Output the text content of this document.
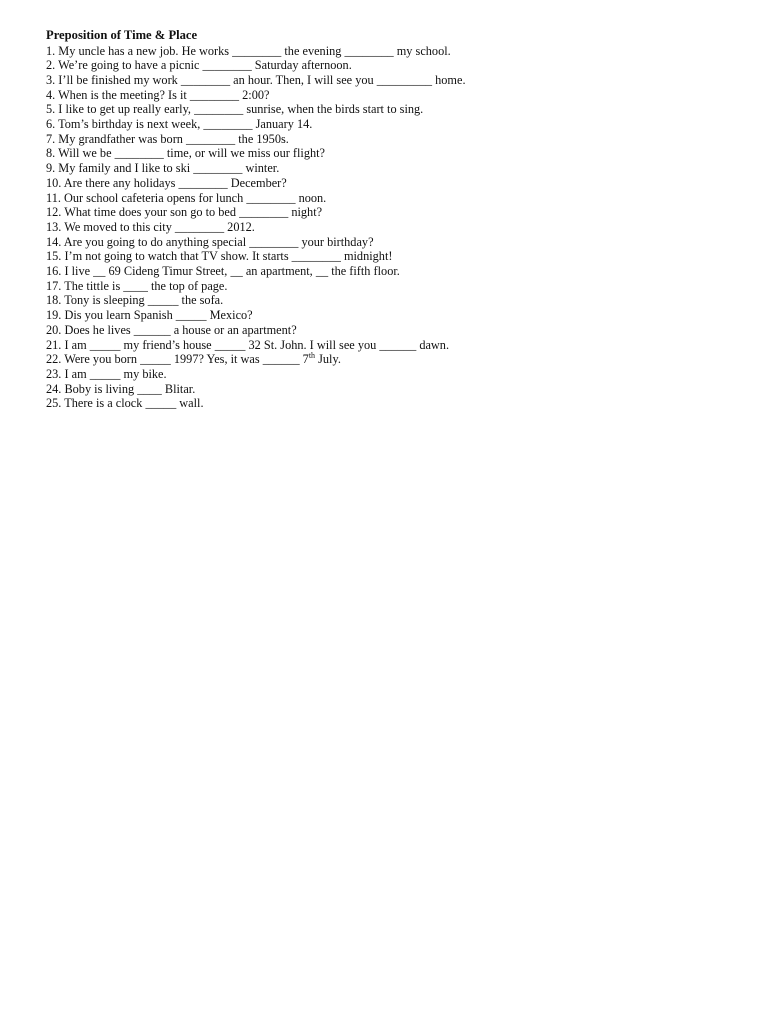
Preposition of Time & Place
1. My uncle has a new job. He works ________ the evening ________ my school.
2. We’re going to have a picnic ________ Saturday afternoon.
3. I’ll be finished my work ________ an hour. Then, I will see you _________ home.
4. When is the meeting? Is it ________ 2:00?
5. I like to get up really early, ________ sunrise, when the birds start to sing.
6. Tom’s birthday is next week, ________ January 14.
7. My grandfather was born ________ the 1950s.
8. Will we be ________ time, or will we miss our flight?
9. My family and I like to ski ________ winter.
10. Are there any holidays ________ December?
11. Our school cafeteria opens for lunch ________ noon.
12. What time does your son go to bed ________ night?
13. We moved to this city ________ 2012.
14. Are you going to do anything special ________ your birthday?
15. I’m not going to watch that TV show. It starts ________ midnight!
16. I live __ 69 Cideng Timur Street, __ an apartment, __ the fifth floor.
17. The tittle is ____ the top of page.
18. Tony is sleeping _____ the sofa.
19. Dis you learn Spanish _____ Mexico?
20. Does he lives ______ a house or an apartment?
21. I am _____ my friend’s house _____ 32 St. John. I will see you ______ dawn.
22. Were you born _____ 1997? Yes, it was ______ 7th July.
23. I am _____ my bike.
24. Boby is living ____ Blitar.
25. There is a clock _____ wall.
